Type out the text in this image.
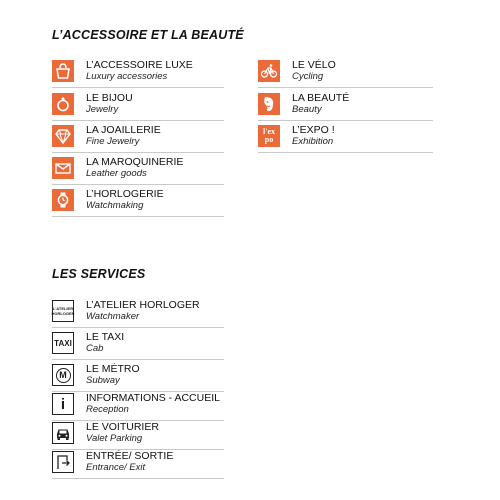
L’ACCESSOIRE ET LA BEAUTÉ
L’ACCESSOIRE LUXE
Luxury accessories
LE BIJOU
Jewelry
LA JOAILLERIE
Fine Jewelry
LA MAROQUINERIE
Leather goods
L’HORLOGERIE
Watchmaking
LE VÉLO
Cycling
LA BEAUTÉ
Beauty
l'ex
po
L’EXPO !
Exhibition
LES SERVICES
L'ATELIER
HORLOGER
L’ATELIER HORLOGER
Watchmaker
TAXI LE TAXI
Cab
M LE MÉTRO
Subway
i INFORMATIONS - ACCUEIL
Reception
LE VOITURIER
Valet Parking
ENTRÉE/ SORTIE
Entrance/ Exit
